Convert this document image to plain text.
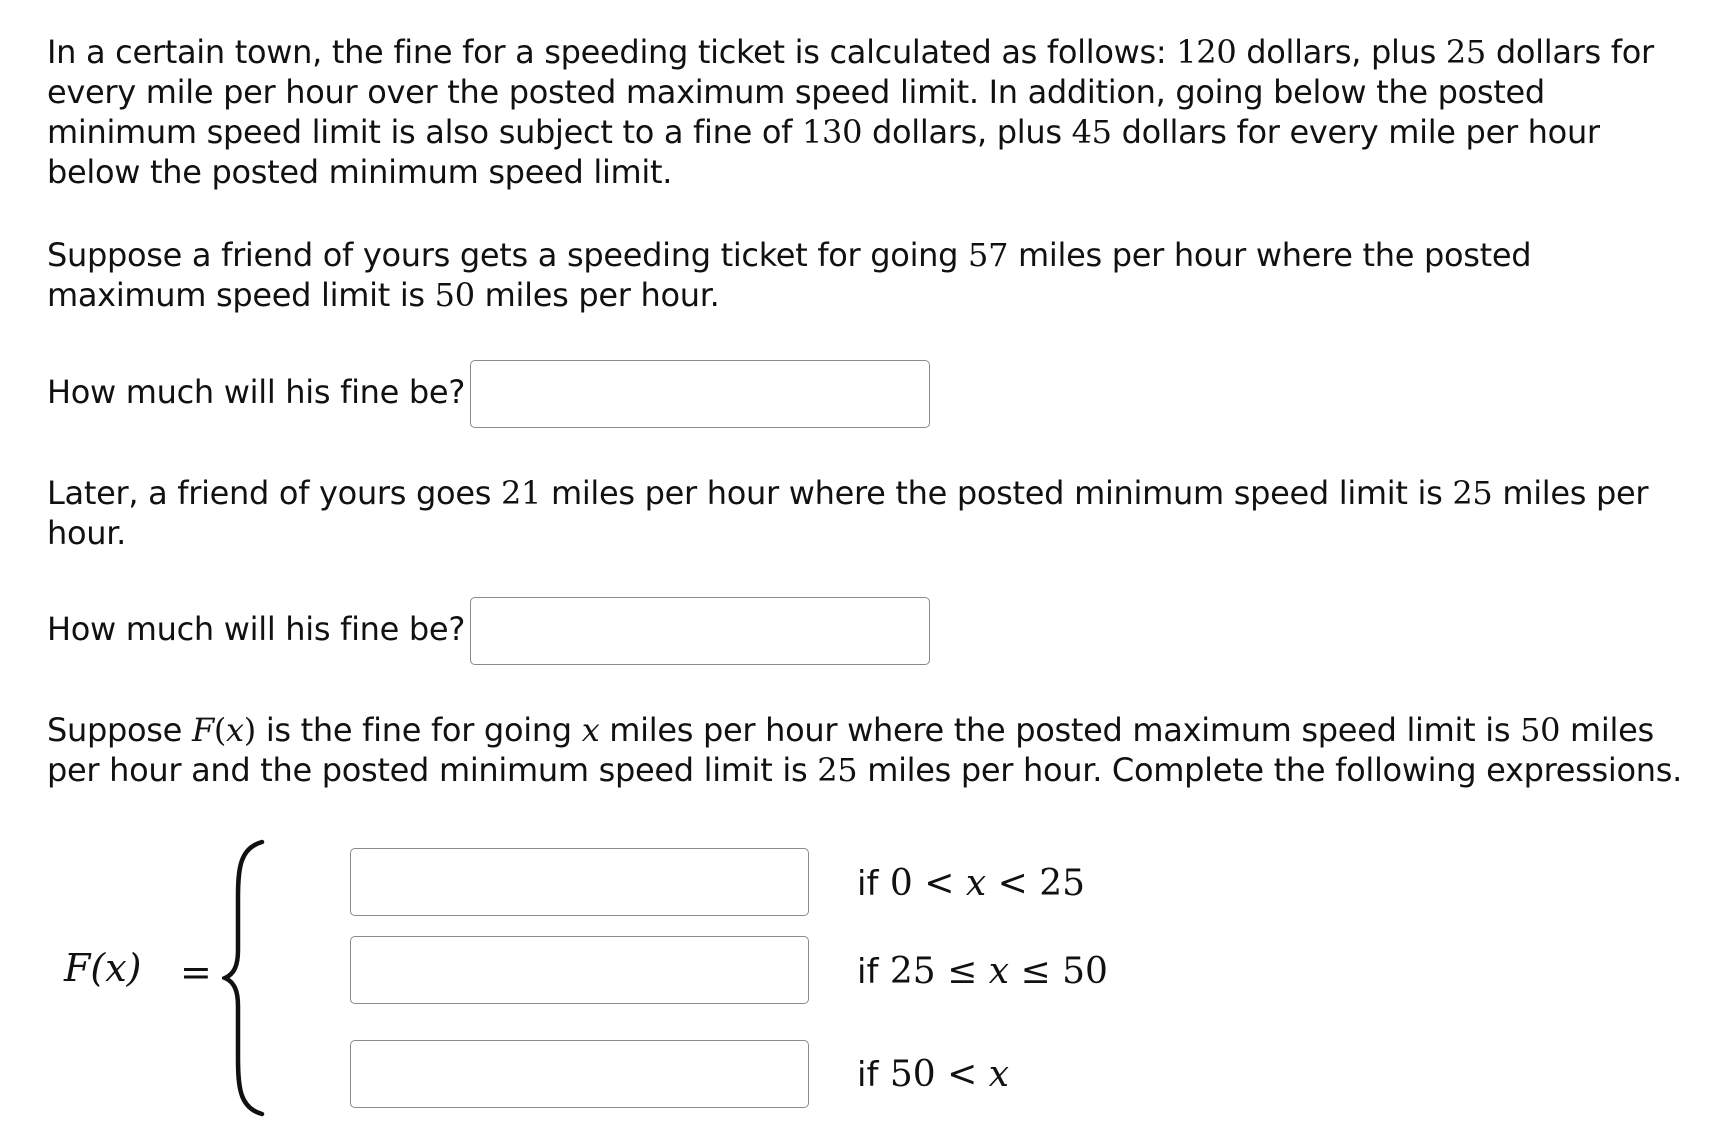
In a certain town, the fine for a speeding ticket is calculated as follows: 120 dollars, plus 25 dollars for every mile per hour over the posted maximum speed limit. In addition, going below the posted minimum speed limit is also subject to a fine of 130 dollars, plus 45 dollars for every mile per hour below the posted minimum speed limit.

Suppose a friend of yours gets a speeding ticket for going 57 miles per hour where the posted maximum speed limit is 50 miles per hour.

How much will his fine be?

Later, a friend of yours goes 21 miles per hour where the posted minimum speed limit is 25 miles per hour.

How much will his fine be?

Suppose F(x) is the fine for going x miles per hour where the posted maximum speed limit is 50 miles per hour and the posted minimum speed limit is 25 miles per hour. Complete the following expressions.

F(x) =
if 0 < x < 25
if 25 ≤ x ≤ 50
if 50 < x
